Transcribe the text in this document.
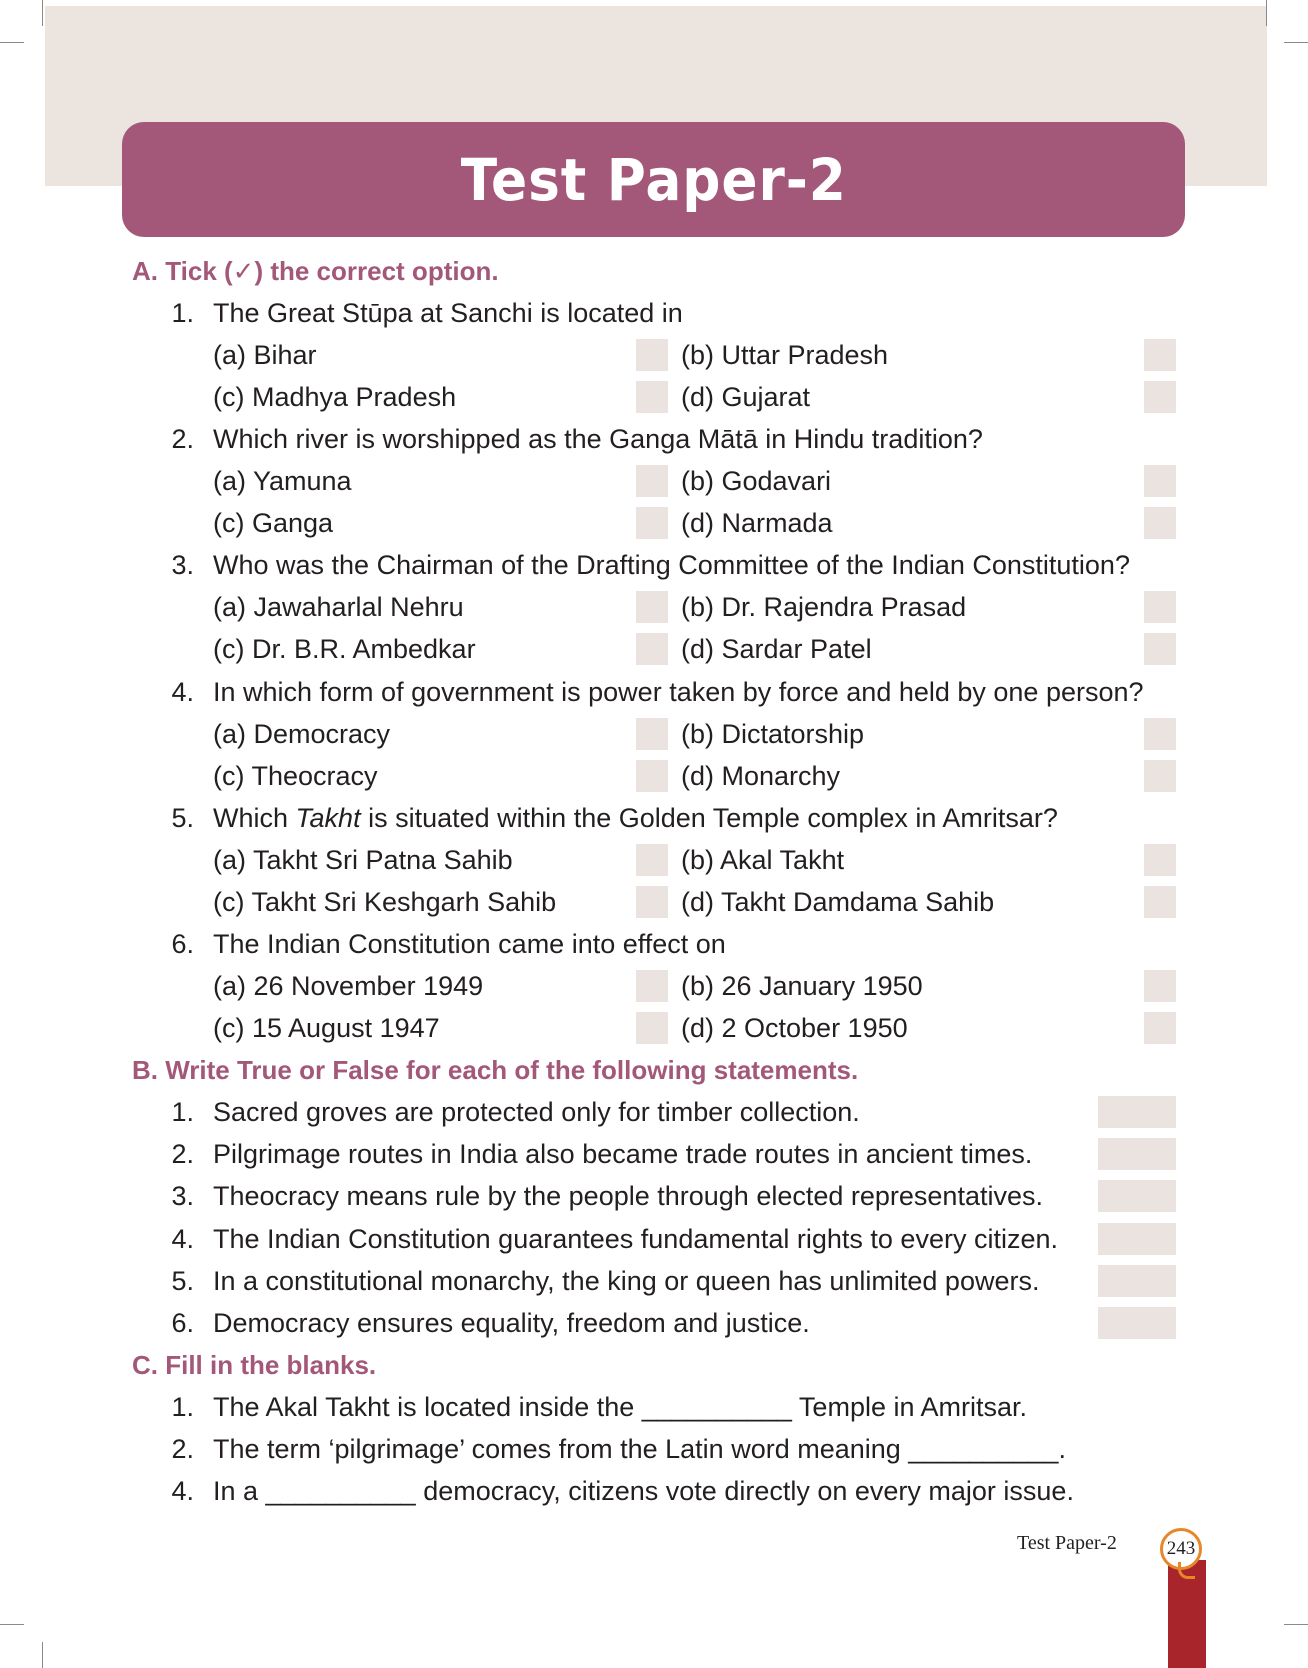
Test Paper-2
A. Tick (✓) the correct option.
1. The Great Stūpa at Sanchi is located in
(a) Bihar	(b) Uttar Pradesh
(c) Madhya Pradesh	(d) Gujarat
2. Which river is worshipped as the Ganga Mātā in Hindu tradition?
(a) Yamuna	(b) Godavari
(c) Ganga	(d) Narmada
3. Who was the Chairman of the Drafting Committee of the Indian Constitution?
(a) Jawaharlal Nehru	(b) Dr. Rajendra Prasad
(c) Dr. B.R. Ambedkar	(d) Sardar Patel
4. In which form of government is power taken by force and held by one person?
(a) Democracy	(b) Dictatorship
(c) Theocracy	(d) Monarchy
5. Which Takht is situated within the Golden Temple complex in Amritsar?
(a) Takht Sri Patna Sahib	(b) Akal Takht
(c) Takht Sri Keshgarh Sahib	(d) Takht Damdama Sahib
6. The Indian Constitution came into effect on
(a) 26 November 1949	(b) 26 January 1950
(c) 15 August 1947	(d) 2 October 1950
B. Write True or False for each of the following statements.
1. Sacred groves are protected only for timber collection.
2. Pilgrimage routes in India also became trade routes in ancient times.
3. Theocracy means rule by the people through elected representatives.
4. The Indian Constitution guarantees fundamental rights to every citizen.
5. In a constitutional monarchy, the king or queen has unlimited powers.
6. Democracy ensures equality, freedom and justice.
C. Fill in the blanks.
1. The Akal Takht is located inside the __________ Temple in Amritsar.
2. The term ‘pilgrimage’ comes from the Latin word meaning __________.
4. In a __________ democracy, citizens vote directly on every major issue.
Test Paper-2	243
